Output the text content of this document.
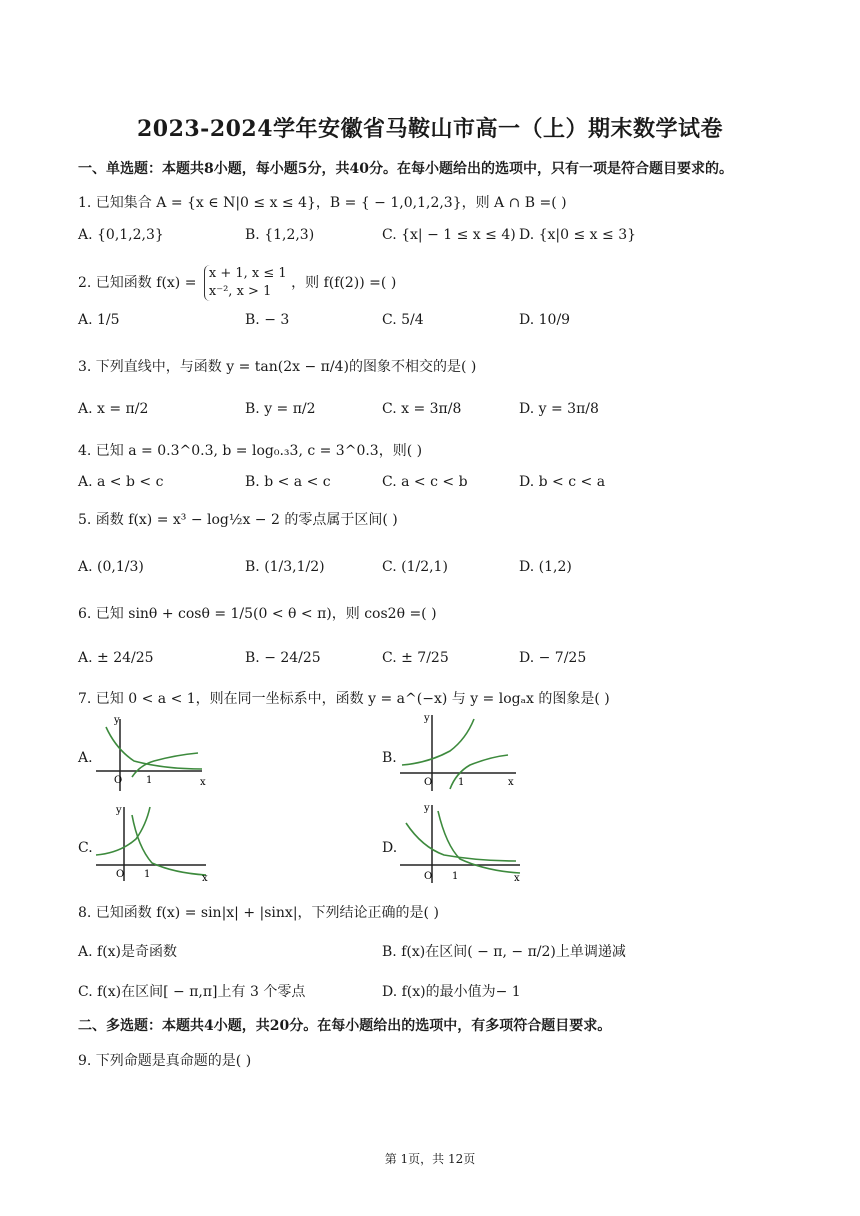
2023-2024学年安徽省马鞍山市高一（上）期末数学试卷
一、单选题：本题共8小题，每小题5分，共40分。在每小题给出的选项中，只有一项是符合题目要求的。
1. 已知集合 A = {x ∈ N|0 ≤ x ≤ 4}，B = { − 1,0,1,2,3}，则 A ∩ B =( )
A. {0,1,2,3}	B. {1,2,3)	C. {x| − 1 ≤ x ≤ 4) D. {x|0 ≤ x ≤ 3}
2. 已知函数 f(x) =
x + 1, x ≤ 1
x⁻², x > 1
，则 f(f(2)) =( )
A. 1/5	B. − 3	C. 5/4	D. 10/9
3. 下列直线中，与函数 y = tan(2x − π/4)的图象不相交的是( )
A. x = π/2	B. y = π/2	C. x = 3π/8	D. y = 3π/8
4. 已知 a = 0.3^0.3, b = log₀.₃3, c = 3^0.3，则( )
A. a < b < c	B. b < a < c	C. a < c < b	D. b < c < a
5. 函数 f(x) = x³ − log½x − 2 的零点属于区间( )
A. (0,1/3)	B. (1/3,1/2)	C. (1/2,1)	D. (1,2)
6. 已知 sinθ + cosθ = 1/5(0 < θ < π)，则 cos2θ =( )
A. ± 24/25	B. − 24/25	C. ± 7/25	D. − 7/25
7. 已知 0 < a < 1，则在同一坐标系中，函数 y = a^(−x) 与 y = logₐx 的图象是( )
A.
y
x
O 1
B.
y
x
O	1
C.
y
x
O 1
D.
y
x
O 1
8. 已知函数 f(x) = sin|x| + |sinx|，下列结论正确的是( )
A. f(x)是奇函数	B. f(x)在区间( − π, − π/2)上单调递减
C. f(x)在区间[ − π,π]上有 3 个零点	D. f(x)的最小值为− 1
二、多选题：本题共4小题，共20分。在每小题给出的选项中，有多项符合题目要求。
9. 下列命题是真命题的是( )
第 1页，共 12页
